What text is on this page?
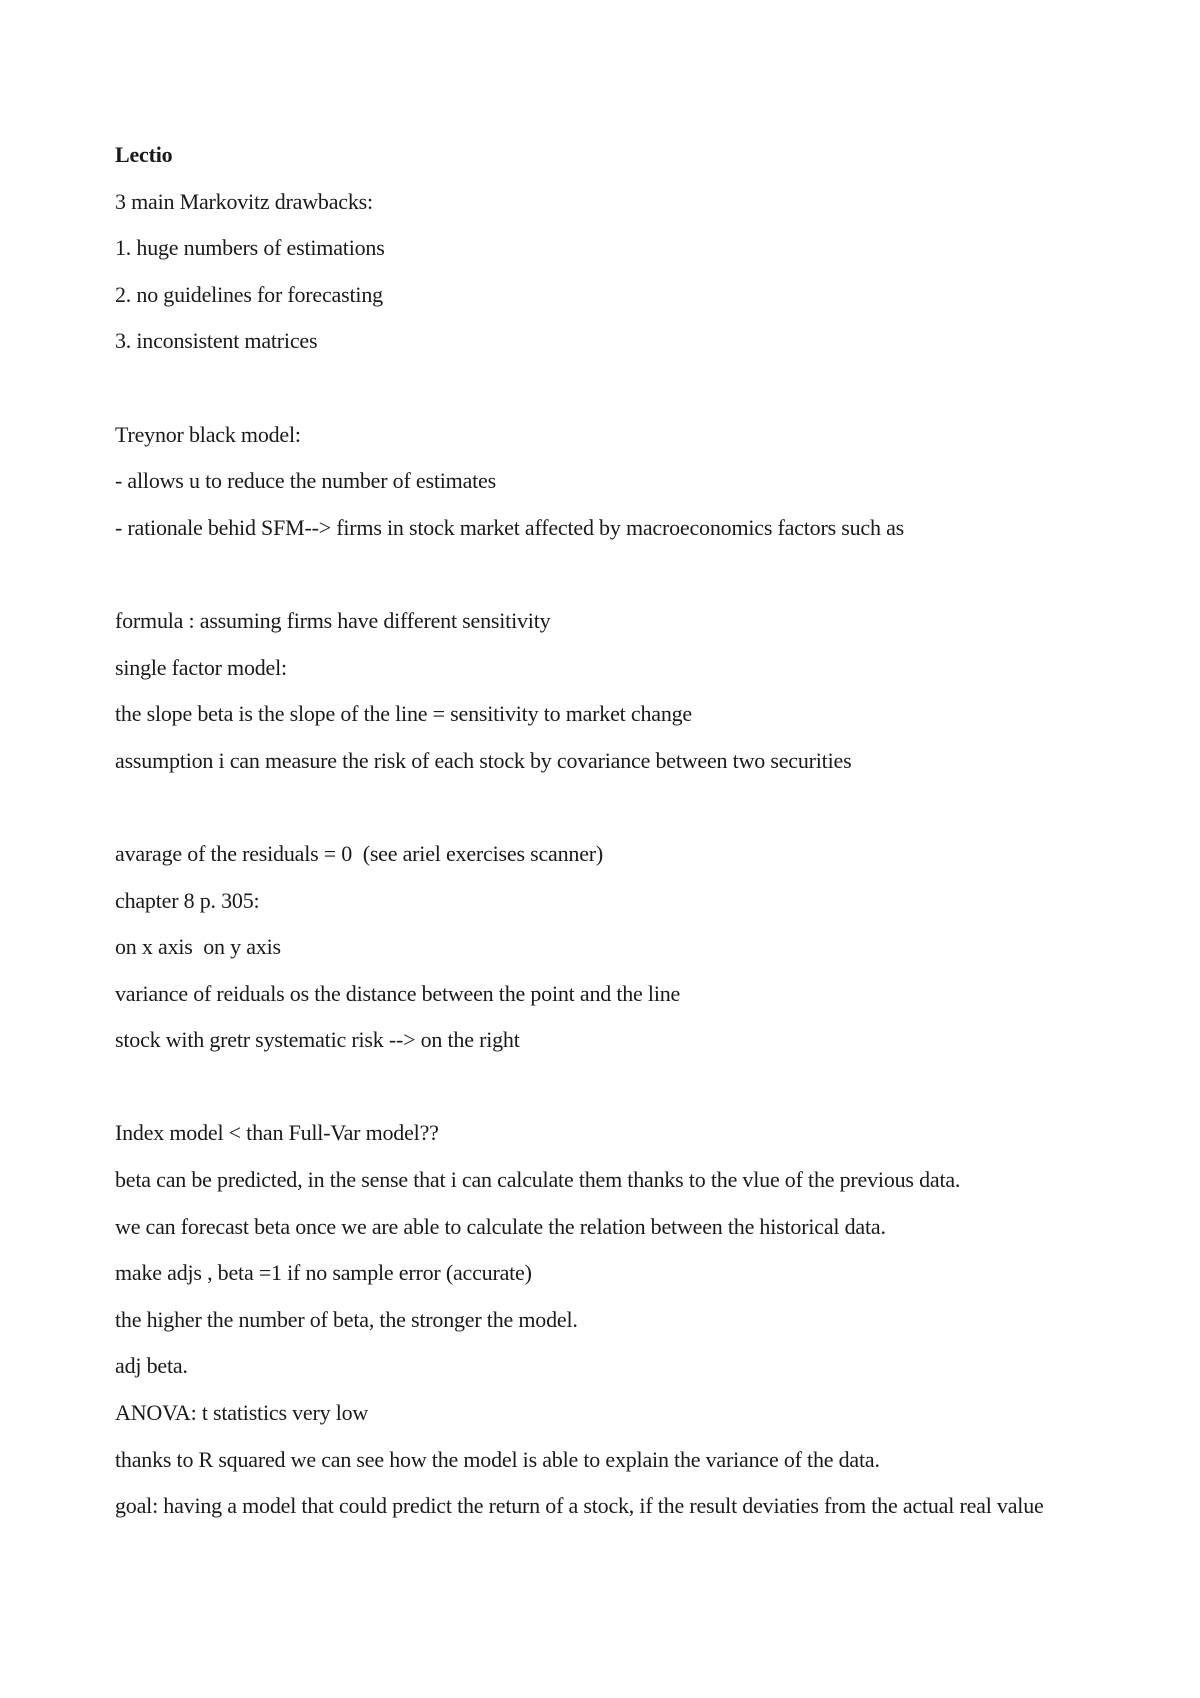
Lectio
3 main Markovitz drawbacks:
1. huge numbers of estimations
2. no guidelines for forecasting
3. inconsistent matrices
Treynor black model:
- allows u to reduce the number of estimates
- rationale behid SFM--> firms in stock market affected by macroeconomics factors such as
formula : assuming firms have different sensitivity
single factor model:
the slope beta is the slope of the line = sensitivity to market change
assumption i can measure the risk of each stock by covariance between two securities
avarage of the residuals = 0  (see ariel exercises scanner)
chapter 8 p. 305:
on x axis  on y axis
variance of reiduals os the distance between the point and the line
stock with gretr systematic risk --> on the right
Index model < than Full-Var model??
beta can be predicted, in the sense that i can calculate them thanks to the vlue of the previous data.
we can forecast beta once we are able to calculate the relation between the historical data.
make adjs , beta =1 if no sample error (accurate)
the higher the number of beta, the stronger the model.
adj beta.
ANOVA: t statistics very low
thanks to R squared we can see how the model is able to explain the variance of the data.
goal: having a model that could predict the return of a stock, if the result deviaties from the actual real value
